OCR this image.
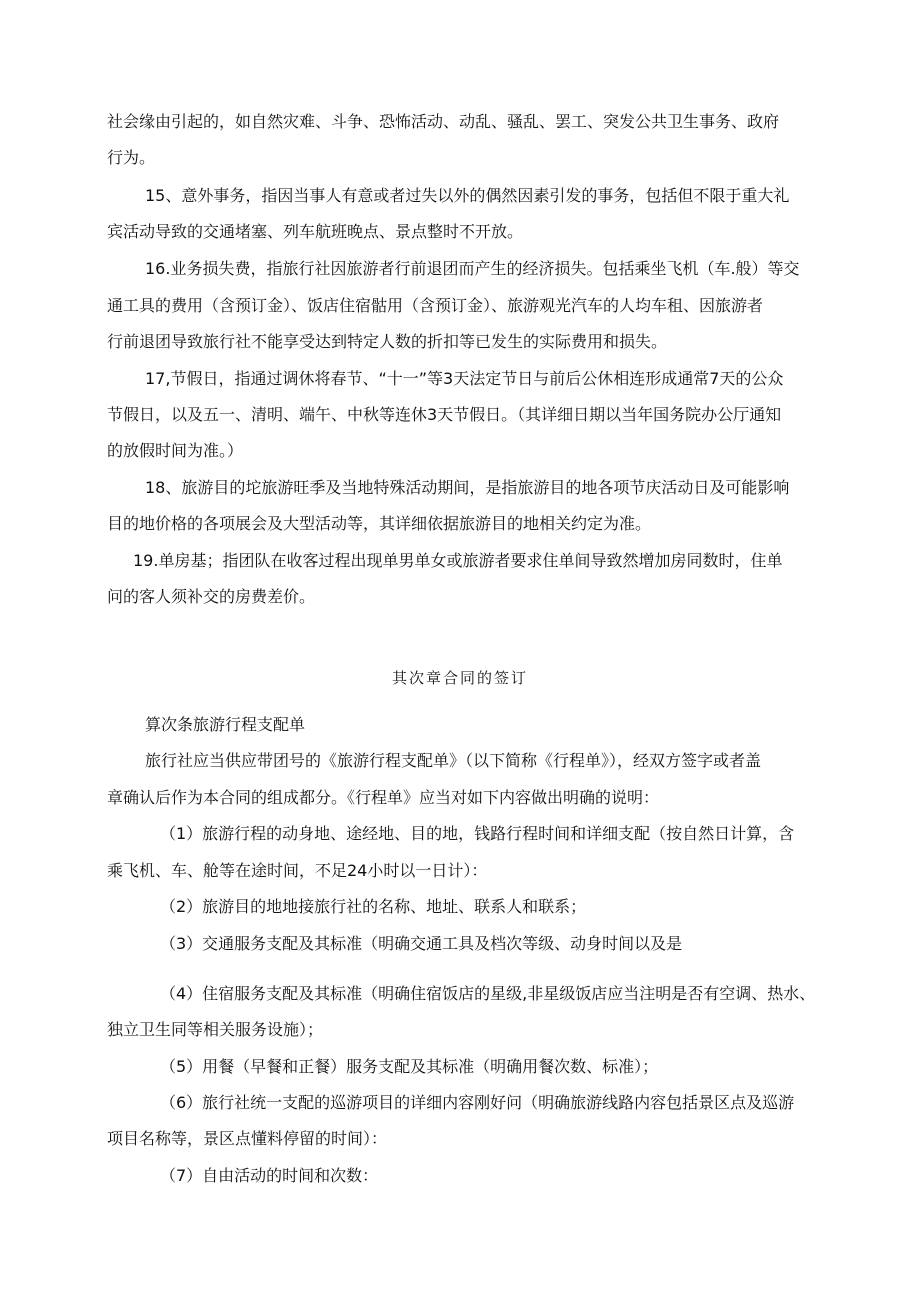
社会缘由引起的，如自然灾难、斗争、恐怖活动、动乱、骚乱、罢工、突发公共卫生事务、政府
行为。
15、意外事务，指因当事人有意或者过失以外的偶然因素引发的事务，包括但不限于重大礼
宾活动导致的交通堵塞、列车航班晚点、景点整时不开放。
16.业务损失费，指旅行社因旅游者行前退团而产生的经济损失。包括乘坐飞机（车.般）等交
通工具的费用（含预订金）、饭店住宿骷用（含预订金）、旅游观光汽车的人均车租、因旅游者
行前退团导致旅行社不能享受达到特定人数的折扣等已发生的实际费用和损失。
17,节假日，指通过调休将春节、“十一”等3天法定节日与前后公休相连形成通常7天的公众
节假日，以及五一、清明、端午、中秋等连休3天节假日。（其详细日期以当年国务院办公厅通知
的放假时间为准。）
18、旅游目的坨旅游旺季及当地特殊活动期间，是指旅游目的地各项节庆活动日及可能影响
目的地价格的各项展会及大型活动等，其详细依据旅游目的地相关约定为准。
19.单房基；指团队在收客过程出现单男单女或旅游者要求住单间导致然增加房同数时，住单
问的客人须补交的房费差价。
其次章合同的签订
算次条旅游行程支配单
旅行社应当供应带团号的《旅游行程支配单》（以下简称《行程单》），经双方签字或者盖
章确认后作为本合同的组成都分。《行程单》应当对如下内容做出明确的说明：
（1）旅游行程的动身地、途经地、目的地，钱路行程时间和详细支配（按自然日计算，含
乘飞机、车、舱等在途时间，不足24小时以一日计）：
（2）旅游目的地地接旅行社的名称、地址、联系人和联系；
（3）交通服务支配及其标准（明确交通工具及档次等级、动身时间以及是
（4）住宿服务支配及其标准（明确住宿饭店的星级,非星级饭店应当注明是否有空调、热水、
独立卫生同等相关服务设施）；
（5）用餐（早餐和正餐）服务支配及其标准（明确用餐次数、标准）；
（6）旅行社统一支配的巡游项目的详细内容刚好问（明确旅游线路内容包括景区点及巡游
项目名称等，景区点懂料停留的时间）：
（7）自由活动的时间和次数：
